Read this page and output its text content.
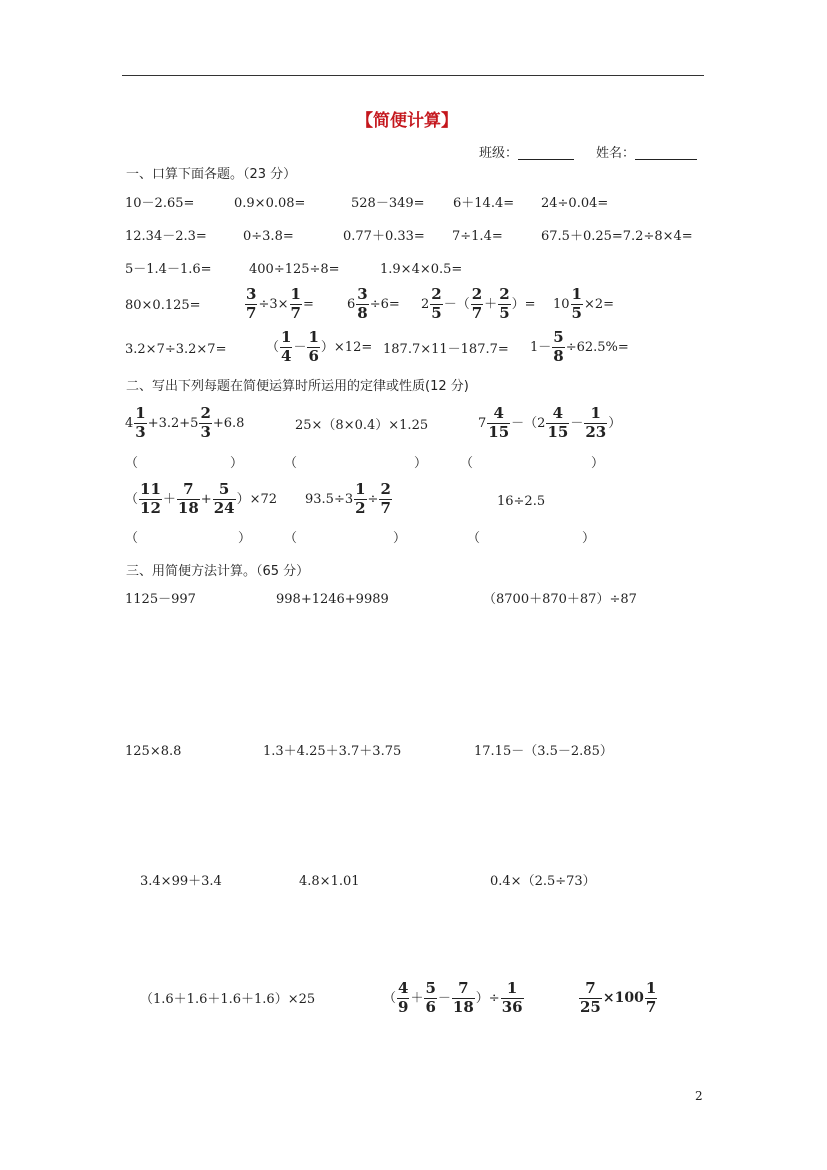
【简便计算】
班级：	姓名：
一、口算下面各题。（23 分）
10－2.65=	0.9×0.08=	528－349= 6＋14.4= 24÷0.04=
12.34－2.3=	0÷3.8=	0.77＋0.33= 7÷1.4=	67.5＋0.25=7.2÷8×4=
5－1.4－1.6=	400÷125÷8=	1.9×4×0.5=
80×0.125=	$\frac{3}{7} \div 3\times \frac{1}{7}$ =	$6 \frac{3}{8} \div 6= 2 \frac{2}{5}$ －（ $\frac{2}{7} + \frac{2}{5}$ ）= $10 \frac{1}{5} \times 2=$
3.2×7÷3.2×7=	（ $\frac{1}{4} - \frac{1}{6} )\times 12= 187.7\times 11-187.7= 1- \frac{5}{8} \div 62.5\%=$
二、写出下列每题在简便运算时所运用的定律或性质(12 分)
$4 \frac{1}{3} +3.2+5 \frac{2}{3} +6.8$	25×（8×0.4）×1.25	$7 \frac{4}{15} -(2 \frac{4}{15} - \frac{1}{23}$ ）
（	）	（	）	（	）
（ $\frac{11}{12} + \frac{7}{18} + \frac{5}{24} )\times 72$ $93.5\div 3 \frac{1}{2} \div \frac{2}{7}$	16÷2.5
（	）	（	）	（	）
三、用简便方法计算。（65 分）
1125－997	998+1246+9989	（8700＋870＋87）÷87
125×8.8	1.3＋4.25＋3.7＋3.75	17.15－（3.5－2.85）
3.4×99＋3.4	4.8×1.01	0.4×（2.5÷73）
（1.6＋1.6＋1.6＋1.6）×25	（ $\frac{4}{9} + \frac{5}{6} - \frac{7}{18}$ ）÷ $\frac{1}{36}$	$\frac{7}{25} \times 100 \frac{1}{7}$
2
